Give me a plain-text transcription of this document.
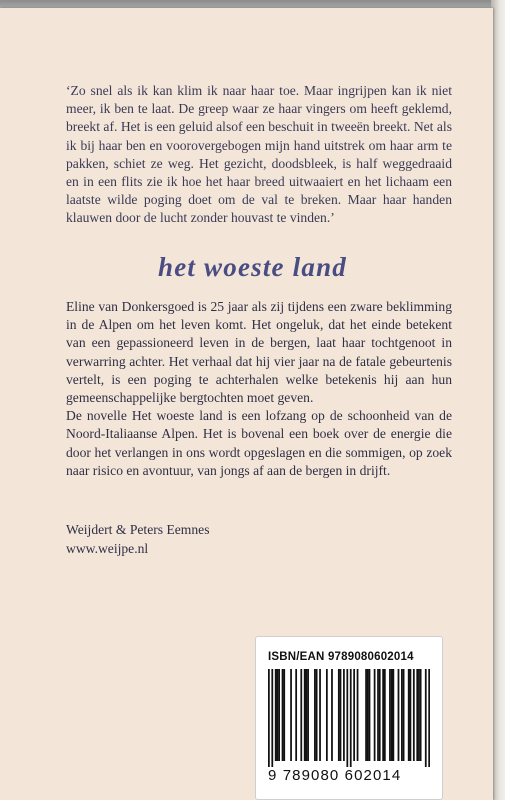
‘Zo snel als ik kan klim ik naar haar toe. Maar ingrijpen kan ik niet meer, ik ben te laat. De greep waar ze haar vingers om heeft geklemd, breekt af. Het is een geluid alsof een beschuit in tweeën breekt. Net als ik bij haar ben en voorovergebogen mijn hand uitstrek om haar arm te pakken, schiet ze weg. Het gezicht, doodsbleek, is half weggedraaid en in een flits zie ik hoe het haar breed uitwaaiert en het lichaam een laatste wilde poging doet om de val te breken. Maar haar handen klauwen door de lucht zonder houvast te vinden.’

het woeste land

Eline van Donkersgoed is 25 jaar als zij tijdens een zware beklimming in de Alpen om het leven komt. Het ongeluk, dat het einde betekent van een gepassioneerd leven in de bergen, laat haar tochtgenoot in verwarring achter. Het verhaal dat hij vier jaar na de fatale gebeurtenis vertelt, is een poging te achterhalen welke betekenis hij aan hun gemeenschappelijke bergtochten moet geven.

De novelle Het woeste land is een lofzang op de schoonheid van de Noord-Italiaanse Alpen. Het is bovenal een boek over de energie die door het verlangen in ons wordt opgeslagen en die sommigen, op zoek naar risico en avontuur, van jongs af aan de bergen in drijft.

Weijdert & Peters Eemnes
www.weijpe.nl
ISBN/EAN 9789080602014
9 789080 602014
